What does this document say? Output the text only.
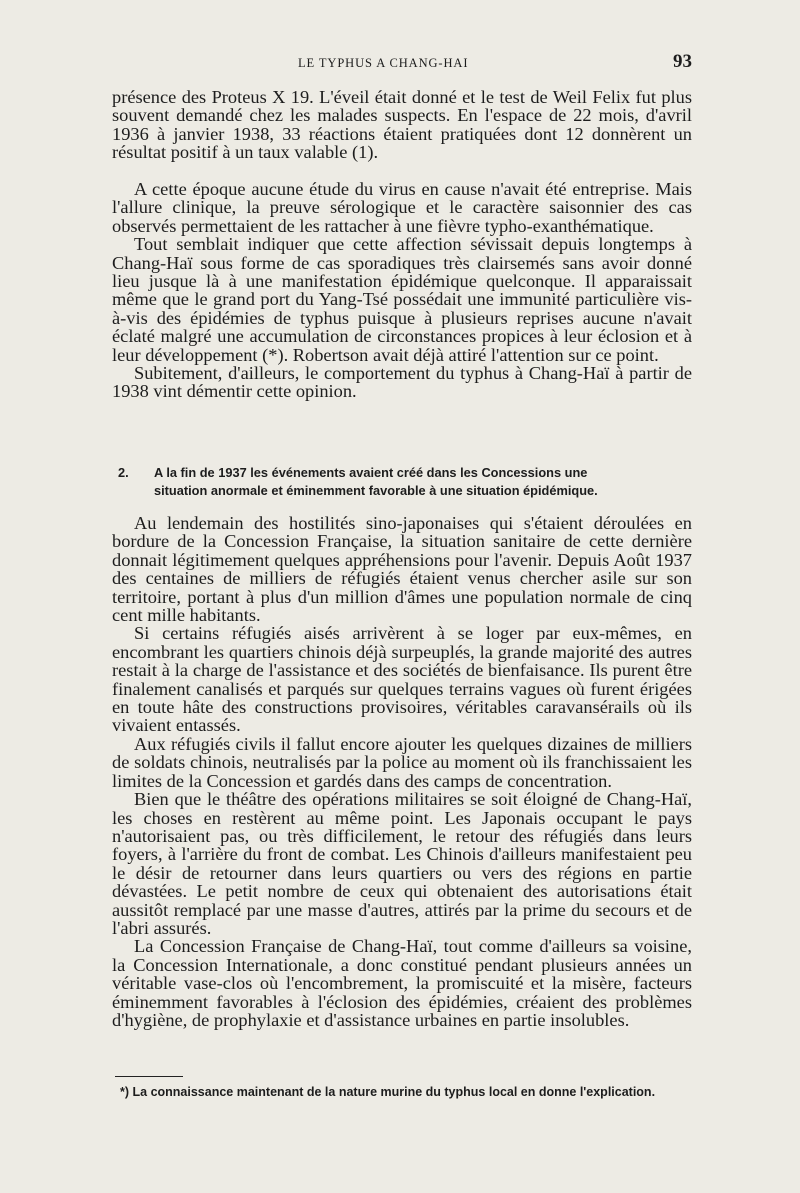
LE TYPHUS A CHANG-HAI	93

présence des Proteus X 19. L'éveil était donné et le test de Weil Felix fut plus souvent demandé chez les malades suspects. En l'espace de 22 mois, d'avril 1936 à janvier 1938, 33 réactions étaient pratiquées dont 12 donnèrent un résultat positif à un taux valable (1).

A cette époque aucune étude du virus en cause n'avait été entreprise. Mais l'allure clinique, la preuve sérologique et le caractère saisonnier des cas observés permettaient de les rattacher à une fièvre typho-exanthématique.

Tout semblait indiquer que cette affection sévissait depuis longtemps à Chang-Haï sous forme de cas sporadiques très clairsemés sans avoir donné lieu jusque là à une manifestation épidémique quelconque. Il apparaissait même que le grand port du Yang-Tsé possédait une immunité particulière vis-à-vis des épidémies de typhus puisque à plusieurs reprises aucune n'avait éclaté malgré une accumulation de circonstances propices à leur éclosion et à leur développement (*). Robertson avait déjà attiré l'attention sur ce point.

Subitement, d'ailleurs, le comportement du typhus à Chang-Haï à partir de 1938 vint démentir cette opinion.

2. A la fin de 1937 les événements avaient créé dans les Concessions une
situation anormale et éminemment favorable à une situation épidémique.

Au lendemain des hostilités sino-japonaises qui s'étaient déroulées en bordure de la Concession Française, la situation sanitaire de cette dernière donnait légitimement quelques appréhensions pour l'avenir. Depuis Août 1937 des centaines de milliers de réfugiés étaient venus chercher asile sur son territoire, portant à plus d'un million d'âmes une population normale de cinq cent mille habitants.

Si certains réfugiés aisés arrivèrent à se loger par eux-mêmes, en encombrant les quartiers chinois déjà surpeuplés, la grande majorité des autres restait à la charge de l'assistance et des sociétés de bienfaisance. Ils purent être finalement canalisés et parqués sur quelques terrains vagues où furent érigées en toute hâte des constructions provisoires, véritables caravansérails où ils vivaient entassés.

Aux réfugiés civils il fallut encore ajouter les quelques dizaines de milliers de soldats chinois, neutralisés par la police au moment où ils franchissaient les limites de la Concession et gardés dans des camps de concentration.

Bien que le théâtre des opérations militaires se soit éloigné de Chang-Haï, les choses en restèrent au même point. Les Japonais occupant le pays n'autorisaient pas, ou très difficilement, le retour des réfugiés dans leurs foyers, à l'arrière du front de combat. Les Chinois d'ailleurs manifestaient peu le désir de retourner dans leurs quartiers ou vers des régions en partie dévastées. Le petit nombre de ceux qui obtenaient des autorisations était aussitôt remplacé par une masse d'autres, attirés par la prime du secours et de l'abri assurés.

La Concession Française de Chang-Haï, tout comme d'ailleurs sa voisine, la Concession Internationale, a donc constitué pendant plusieurs années un véritable vase-clos où l'encombrement, la promiscuité et la misère, facteurs éminemment favorables à l'éclosion des épidémies, créaient des problèmes d'hygiène, de prophylaxie et d'assistance urbaines en partie insolubles.

*) La connaissance maintenant de la nature murine du typhus local en donne l'explication.
